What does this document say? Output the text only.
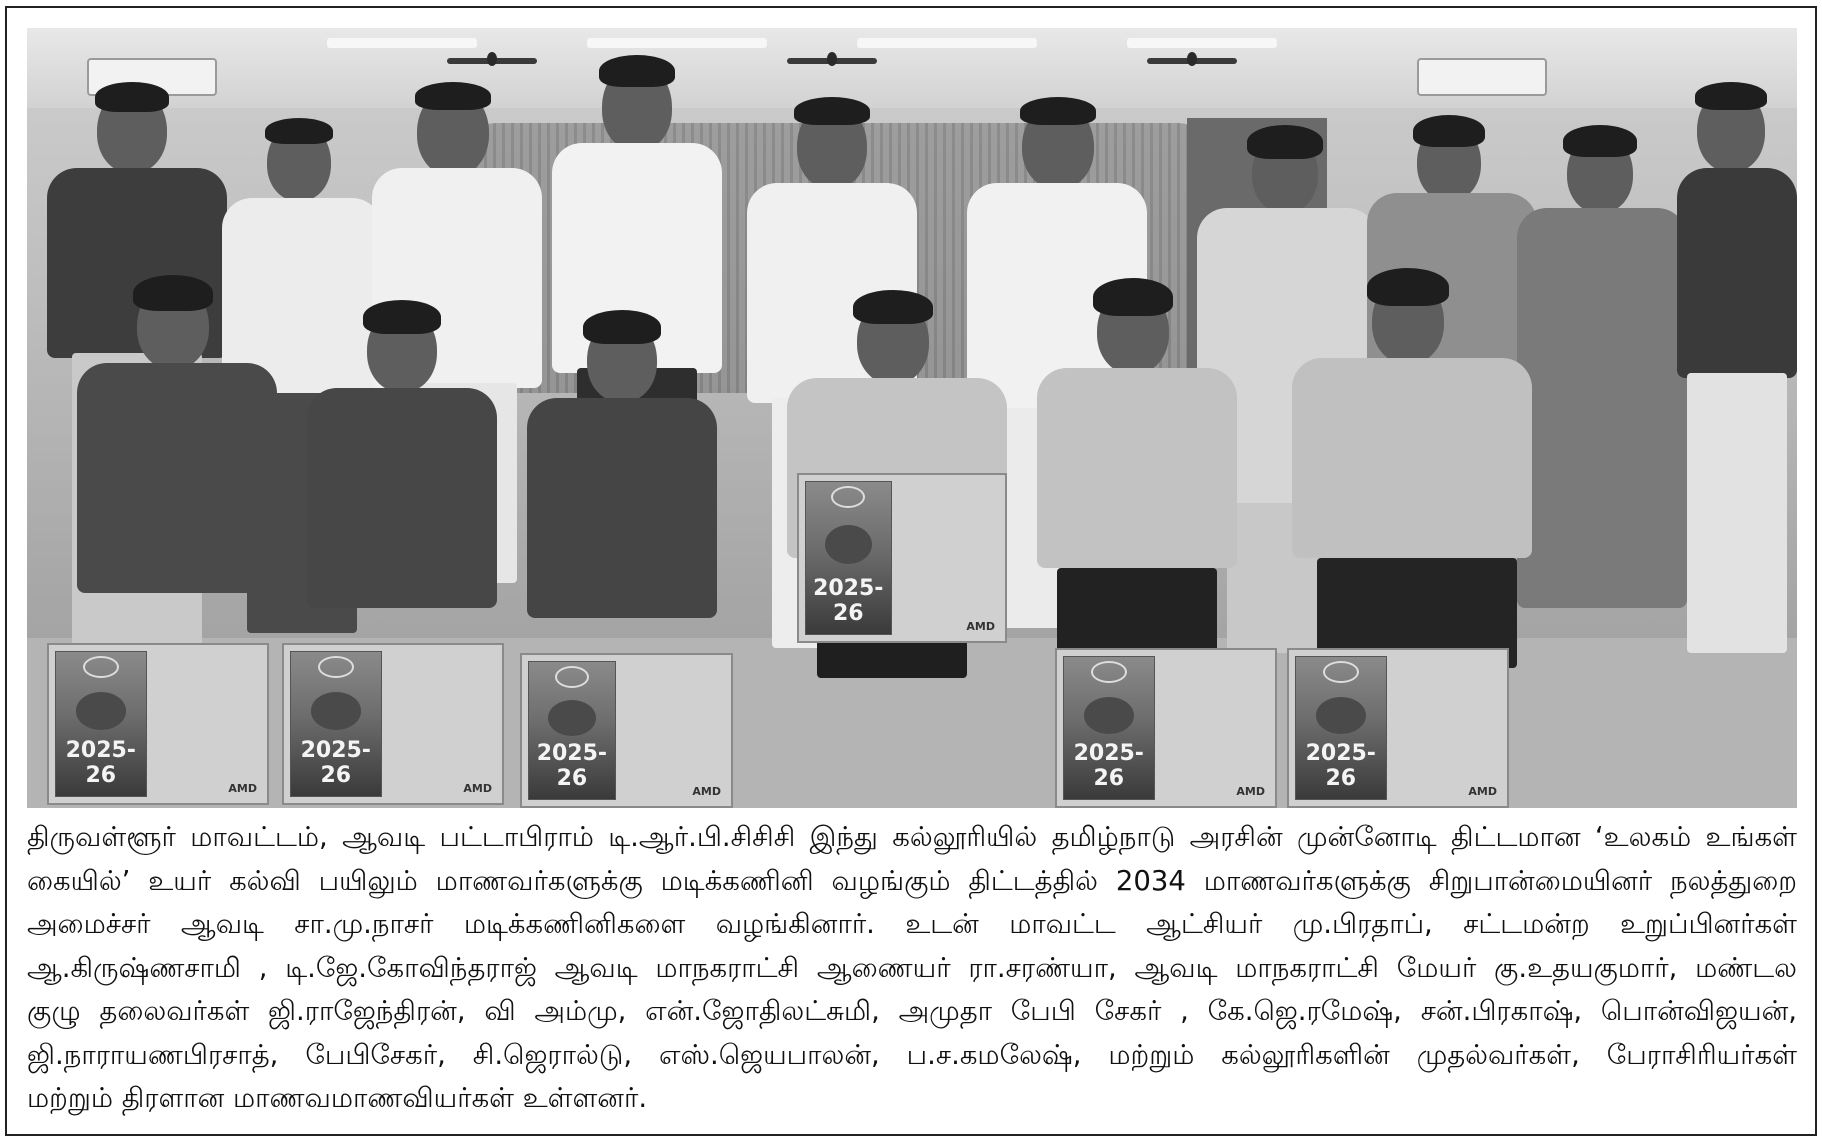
2025-26
AMD
2025-26
AMD
2025-26
AMD
2025-26
AMD
2025-26
AMD
2025-26
AMD
திருவள்ளூர் மாவட்டம், ஆவடி பட்டாபிராம் டி.ஆர்.பி.சிசிசி இந்து கல்லூரியில் தமிழ்நாடு அரசின் முன்னோடி திட்டமான ‘உலகம் உங்கள்
கையில்’ உயர் கல்வி பயிலும் மாணவர்களுக்கு மடிக்கணினி வழங்கும் திட்டத்தில் 2034 மாணவர்களுக்கு சிறுபான்மையினர் நலத்துறை
அமைச்சர் ஆவடி சா.மு.நாசர் மடிக்கணினிகளை வழங்கினார். உடன் மாவட்ட ஆட்சியர் மு.பிரதாப், சட்டமன்ற உறுப்பினர்கள்
ஆ.கிருஷ்ணசாமி , டி.ஜே.கோவிந்தராஜ் ஆவடி மாநகராட்சி ஆணையர் ரா.சரண்யா, ஆவடி மாநகராட்சி மேயர் கு.உதயகுமார், மண்டல
குழு தலைவர்கள் ஜி.ராஜேந்திரன், வி அம்மு, என்.ஜோதிலட்சுமி, அமுதா பேபி சேகர் , கே.ஜெ.ரமேஷ், சன்.பிரகாஷ், பொன்விஜயன்,
ஜி.நாராயணபிரசாத், பேபிசேகர், சி.ஜெரால்டு, எஸ்.ஜெயபாலன், ப.ச.கமலேஷ், மற்றும் கல்லூரிகளின் முதல்வர்கள், பேராசிரியர்கள்
மற்றும் திரளான மாணவமாணவியர்கள் உள்ளனர்.
